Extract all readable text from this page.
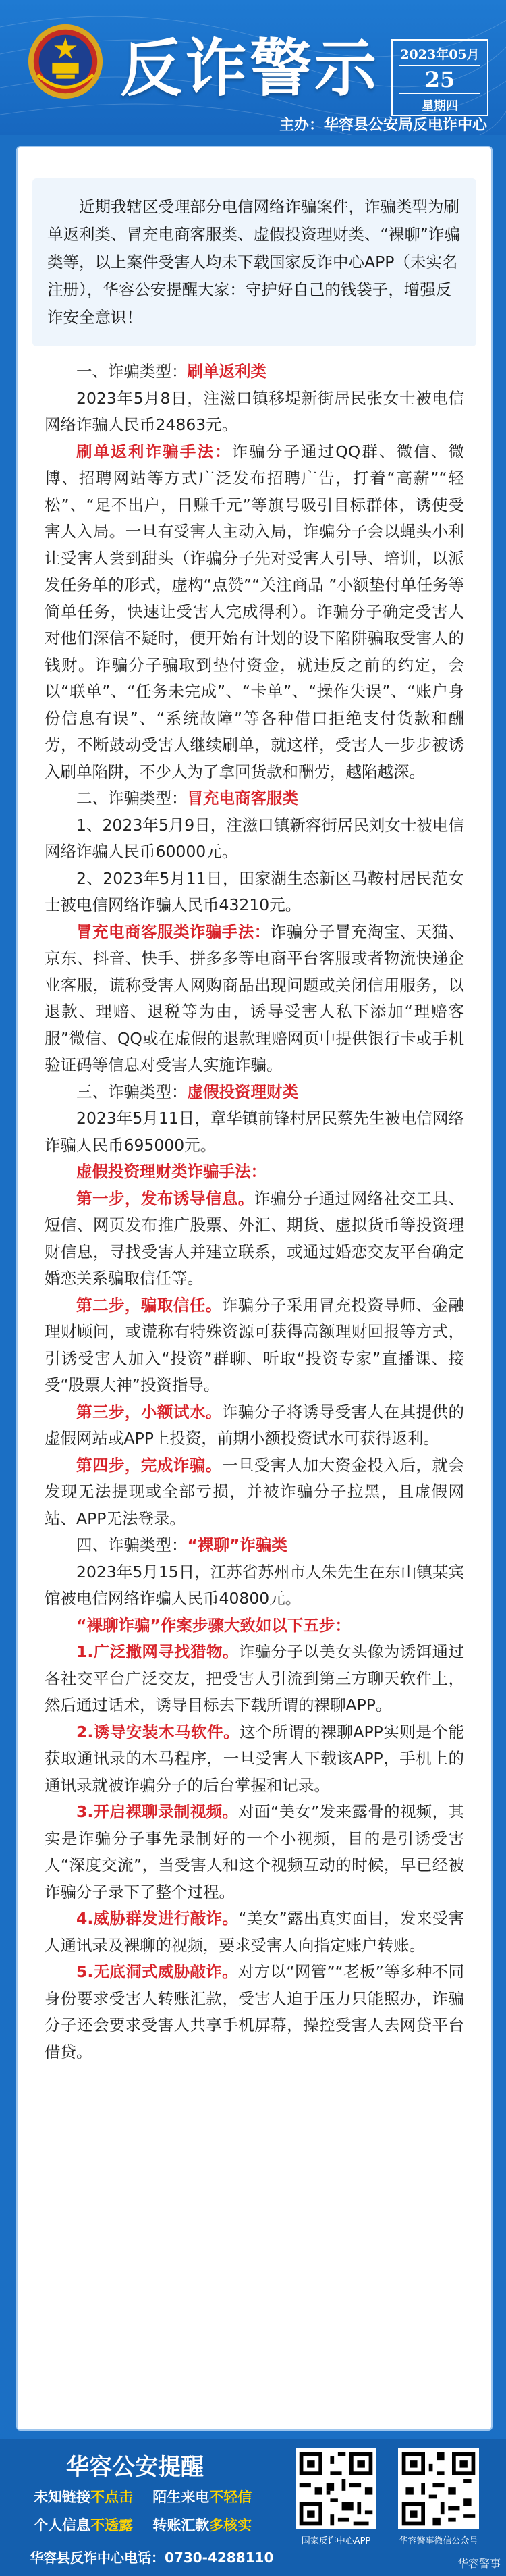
反诈警示	2023年05月
25
星期四
主办：华容县公安局反电诈中心
近期我辖区受理部分电信网络诈骗案件，诈骗类型为刷单返利类、冒充电商客服类、虚假投资理财类、“裸聊”诈骗类等，以上案件受害人均未下载国家反诈中心APP（未实名注册），华容公安提醒大家：守护好自己的钱袋子，增强反诈安全意识！

一、诈骗类型：刷单返利类

2023年5月8日，注滋口镇移堤新街居民张女士被电信网络诈骗人民币24863元。

刷单返利诈骗手法：诈骗分子通过QQ群、微信、微博、招聘网站等方式广泛发布招聘广告，打着“高薪”“轻松”、“足不出户，日赚千元”等旗号吸引目标群体，诱使受害人入局。一旦有受害人主动入局，诈骗分子会以蝇头小利让受害人尝到甜头（诈骗分子先对受害人引导、培训，以派发任务单的形式，虚构“点赞”“关注商品 ”小额垫付单任务等简单任务，快速让受害人完成得利）。诈骗分子确定受害人对他们深信不疑时，便开始有计划的设下陷阱骗取受害人的钱财。诈骗分子骗取到垫付资金，就违反之前的约定，会以“联单”、“任务未完成”、“卡单”、“操作失误”、“账户身份信息有误”、“系统故障”等各种借口拒绝支付货款和酬劳，不断鼓动受害人继续刷单，就这样，受害人一步步被诱入刷单陷阱，不少人为了拿回货款和酬劳，越陷越深。

二、诈骗类型：冒充电商客服类

1、2023年5月9日，注滋口镇新容街居民刘女士被电信网络诈骗人民币60000元。

2、2023年5月11日，田家湖生态新区马鞍村居民范女士被电信网络诈骗人民币43210元。

冒充电商客服类诈骗手法：诈骗分子冒充淘宝、天猫、京东、抖音、快手、拼多多等电商平台客服或者物流快递企业客服，谎称受害人网购商品出现问题或关闭信用服务，以退款、理赔、退税等为由，诱导受害人私下添加“理赔客服”微信、QQ或在虚假的退款理赔网页中提供银行卡或手机验证码等信息对受害人实施诈骗。

三、诈骗类型：虚假投资理财类

2023年5月11日，章华镇前锋村居民蔡先生被电信网络诈骗人民币695000元。

虚假投资理财类诈骗手法：

第一步，发布诱导信息。诈骗分子通过网络社交工具、短信、网页发布推广股票、外汇、期货、虚拟货币等投资理财信息，寻找受害人并建立联系，或通过婚恋交友平台确定婚恋关系骗取信任等。

第二步，骗取信任。诈骗分子采用冒充投资导师、金融理财顾问，或谎称有特殊资源可获得高额理财回报等方式，引诱受害人加入“投资”群聊、听取“投资专家”直播课、接受“股票大神”投资指导。

第三步，小额试水。诈骗分子将诱导受害人在其提供的虚假网站或APP上投资，前期小额投资试水可获得返利。

第四步，完成诈骗。一旦受害人加大资金投入后，就会发现无法提现或全部亏损，并被诈骗分子拉黑，且虚假网站、APP无法登录。

四、诈骗类型：“裸聊”诈骗类

2023年5月15日，江苏省苏州市人朱先生在东山镇某宾馆被电信网络诈骗人民币40800元。

“裸聊诈骗”作案步骤大致如以下五步：

1.广泛撒网寻找猎物。诈骗分子以美女头像为诱饵通过各社交平台广泛交友，把受害人引流到第三方聊天软件上，然后通过话术，诱导目标去下载所谓的裸聊APP。

2.诱导安装木马软件。这个所谓的裸聊APP实则是个能获取通讯录的木马程序，一旦受害人下载该APP，手机上的通讯录就被诈骗分子的后台掌握和记录。

3.开启裸聊录制视频。对面“美女”发来露骨的视频，其实是诈骗分子事先录制好的一个小视频，目的是引诱受害人“深度交流”，当受害人和这个视频互动的时候，早已经被诈骗分子录下了整个过程。

4.威胁群发进行敲诈。“美女”露出真实面目，发来受害人通讯录及裸聊的视频，要求受害人向指定账户转账。

5.无底洞式威胁敲诈。对方以“网管”“老板”等多种不同身份要求受害人转账汇款，受害人迫于压力只能照办，诈骗分子还会要求受害人共享手机屏幕，操控受害人去网贷平台借贷。

华容公安提醒
未知链接不点击 陌生来电不轻信
个人信息不透露 转账汇款多核实
华容县反诈中心电话：0730-4288110
国家反诈中心APP	华容警事微信公众号
华容警事
